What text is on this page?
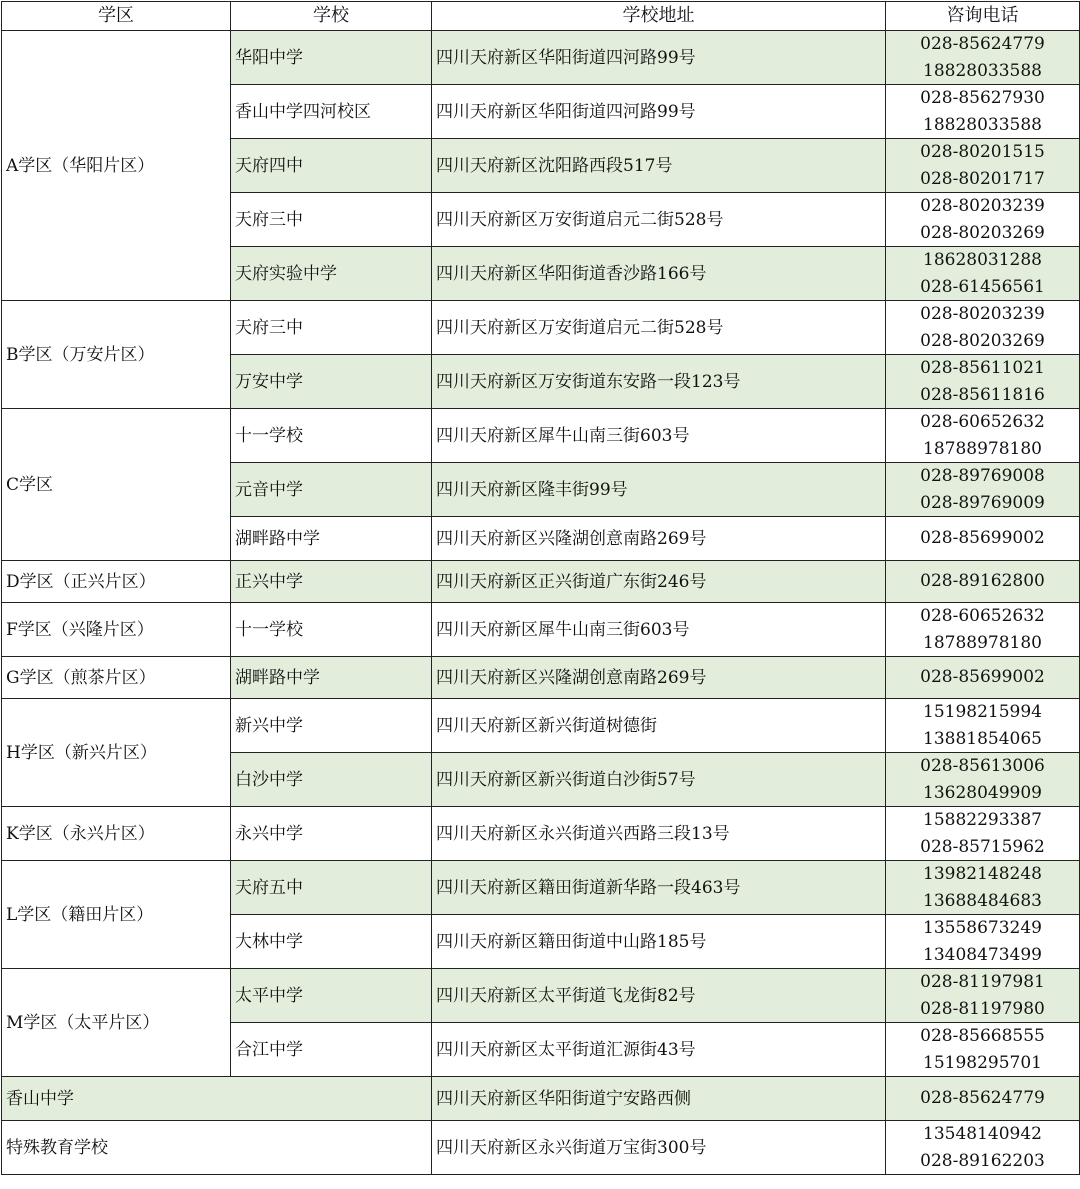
学区	学校	学校地址	咨询电话
A学区（华阳片区）	华阳中学	四川天府新区华阳街道四河路99号	028-85624779
18828033588

	香山中学四河校区	四川天府新区华阳街道四河路99号	028-85627930
18828033588

	天府四中	四川天府新区沈阳路西段517号	028-80201515
028-80201717

	天府三中	四川天府新区万安街道启元二街528号	028-80203239
028-80203269

	天府实验中学	四川天府新区华阳街道香沙路166号	18628031288
028-61456561

B学区（万安片区）	天府三中	四川天府新区万安街道启元二街528号	028-80203239
028-80203269

	万安中学	四川天府新区万安街道东安路一段123号	028-85611021
028-85611816

C学区	十一学校	四川天府新区犀牛山南三街603号	028-60652632
18788978180

	元音中学	四川天府新区隆丰街99号	028-89769008
028-89769009

	湖畔路中学	四川天府新区兴隆湖创意南路269号	028-85699002

D学区（正兴片区）	正兴中学	四川天府新区正兴街道广东街246号	028-89162800

F学区（兴隆片区）	十一学校	四川天府新区犀牛山南三街603号	028-60652632
18788978180

G学区（煎茶片区）	湖畔路中学	四川天府新区兴隆湖创意南路269号	028-85699002

H学区（新兴片区）	新兴中学	四川天府新区新兴街道树德街	15198215994
13881854065

	白沙中学	四川天府新区新兴街道白沙街57号	028-85613006
13628049909

K学区（永兴片区）	永兴中学	四川天府新区永兴街道兴西路三段13号	15882293387
028-85715962

L学区（籍田片区）	天府五中	四川天府新区籍田街道新华路一段463号	13982148248
13688484683

	大林中学	四川天府新区籍田街道中山路185号	13558673249
13408473499

M学区（太平片区）	太平中学	四川天府新区太平街道飞龙街82号	028-81197981
028-81197980

	合江中学	四川天府新区太平街道汇源街43号	028-85668555
15198295701

香山中学		四川天府新区华阳街道宁安路西侧	028-85624779

特殊教育学校		四川天府新区永兴街道万宝街300号	13548140942
028-89162203
